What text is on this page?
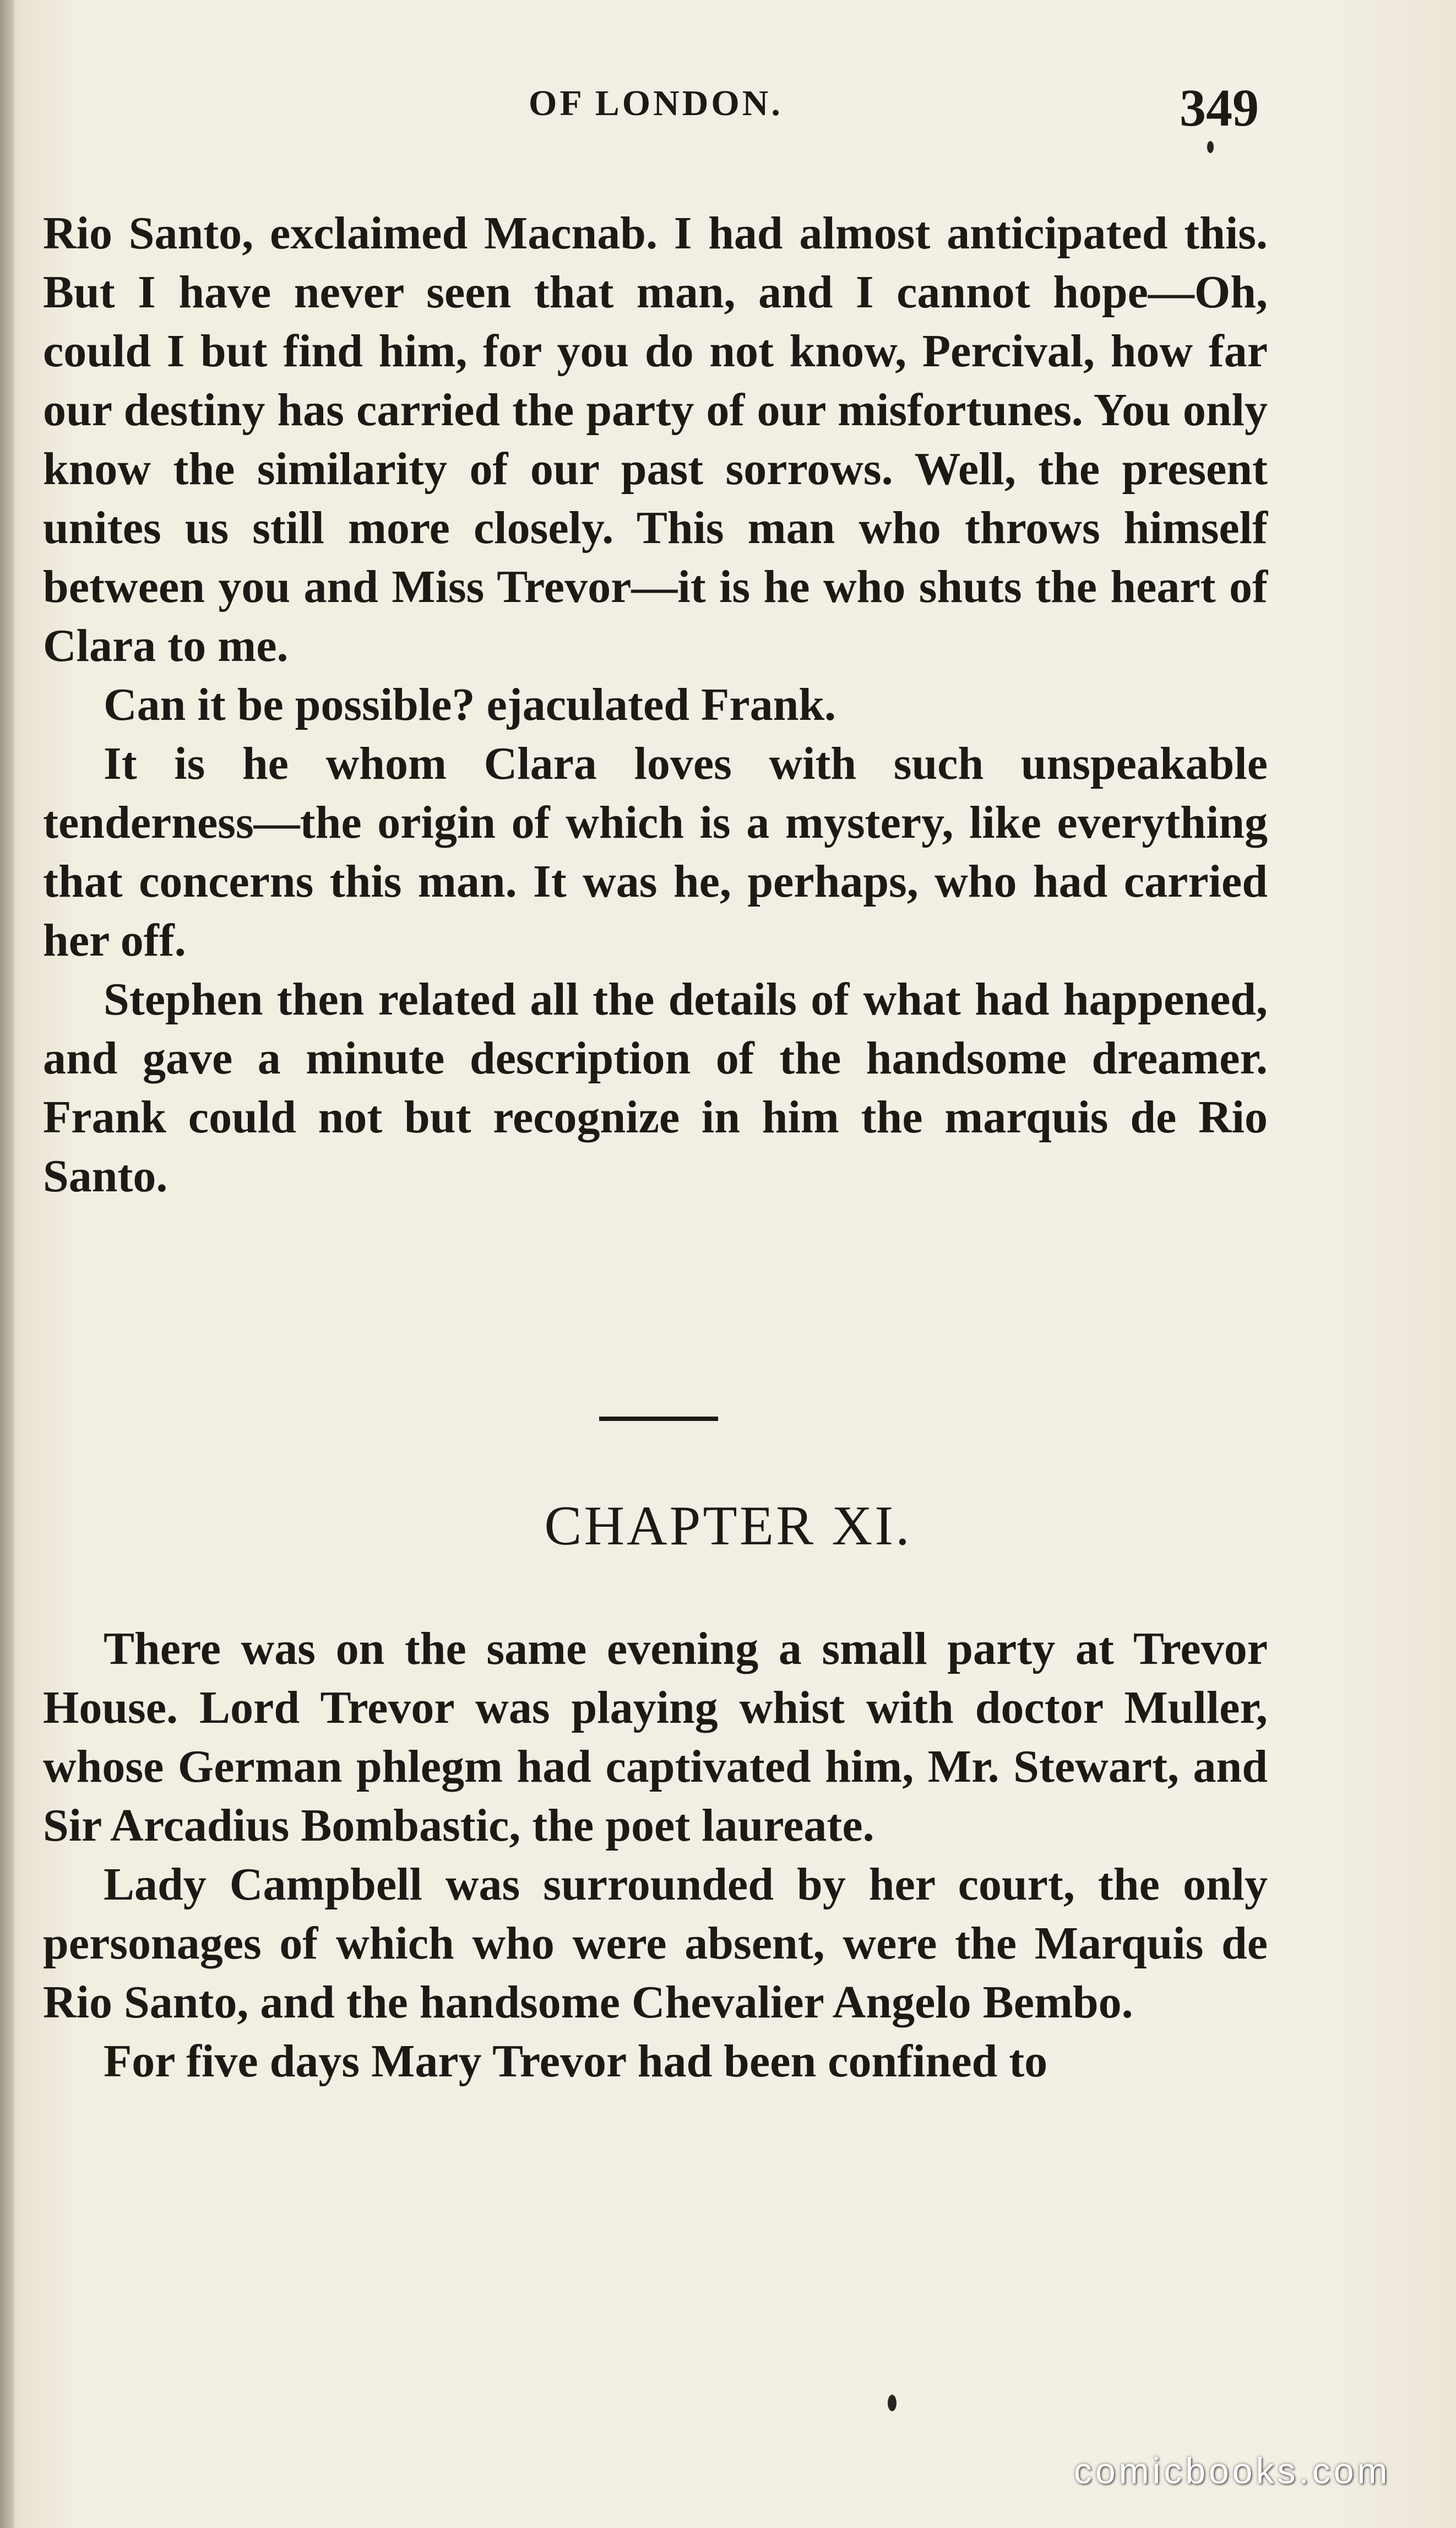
OF LONDON.	349

Rio Santo, exclaimed Macnab. I had almost anticipated this. But I have never seen that man, and I cannot hope—Oh, could I but find him, for you do not know, Percival, how far our destiny has carried the party of our misfortunes. You only know the similarity of our past sorrows. Well, the present unites us still more closely. This man who throws himself between you and Miss Trevor—it is he who shuts the heart of Clara to me.

Can it be possible? ejaculated Frank.

It is he whom Clara loves with such unspeakable tenderness—the origin of which is a mystery, like everything that concerns this man. It was he, perhaps, who had carried her off.

Stephen then related all the details of what had happened, and gave a minute description of the handsome dreamer. Frank could not but recognize in him the marquis de Rio Santo.

CHAPTER XI.

There was on the same evening a small party at Trevor House. Lord Trevor was playing whist with doctor Muller, whose German phlegm had captivated him, Mr. Stewart, and Sir Arcadius Bombastic, the poet laureate.

Lady Campbell was surrounded by her court, the only personages of which who were absent, were the Marquis de Rio Santo, and the handsome Chevalier Angelo Bembo.

For five days Mary Trevor had been confined to

comicbooks.com
